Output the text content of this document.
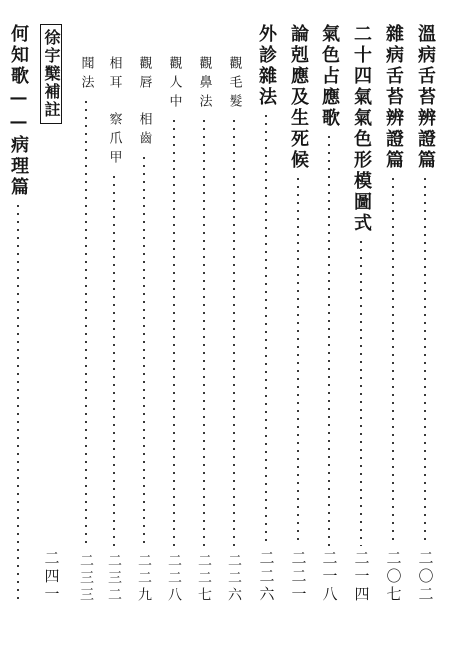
溫病舌苔辨證篇
二〇二
雜病舌苔辨證篇
二〇七
二十四氣氣色形模圖式
二一四
氣色占應歌
二一八
論剋應及生死候
二二一
外診雜法
二二六
觀毛髮
二二六
觀鼻法
二二七
觀人中
二二八
觀唇
相齒
二二九
相耳
察爪甲
二三二
聞法
二三三
徐宇櫱補註
二四一
何知歌——病理篇
